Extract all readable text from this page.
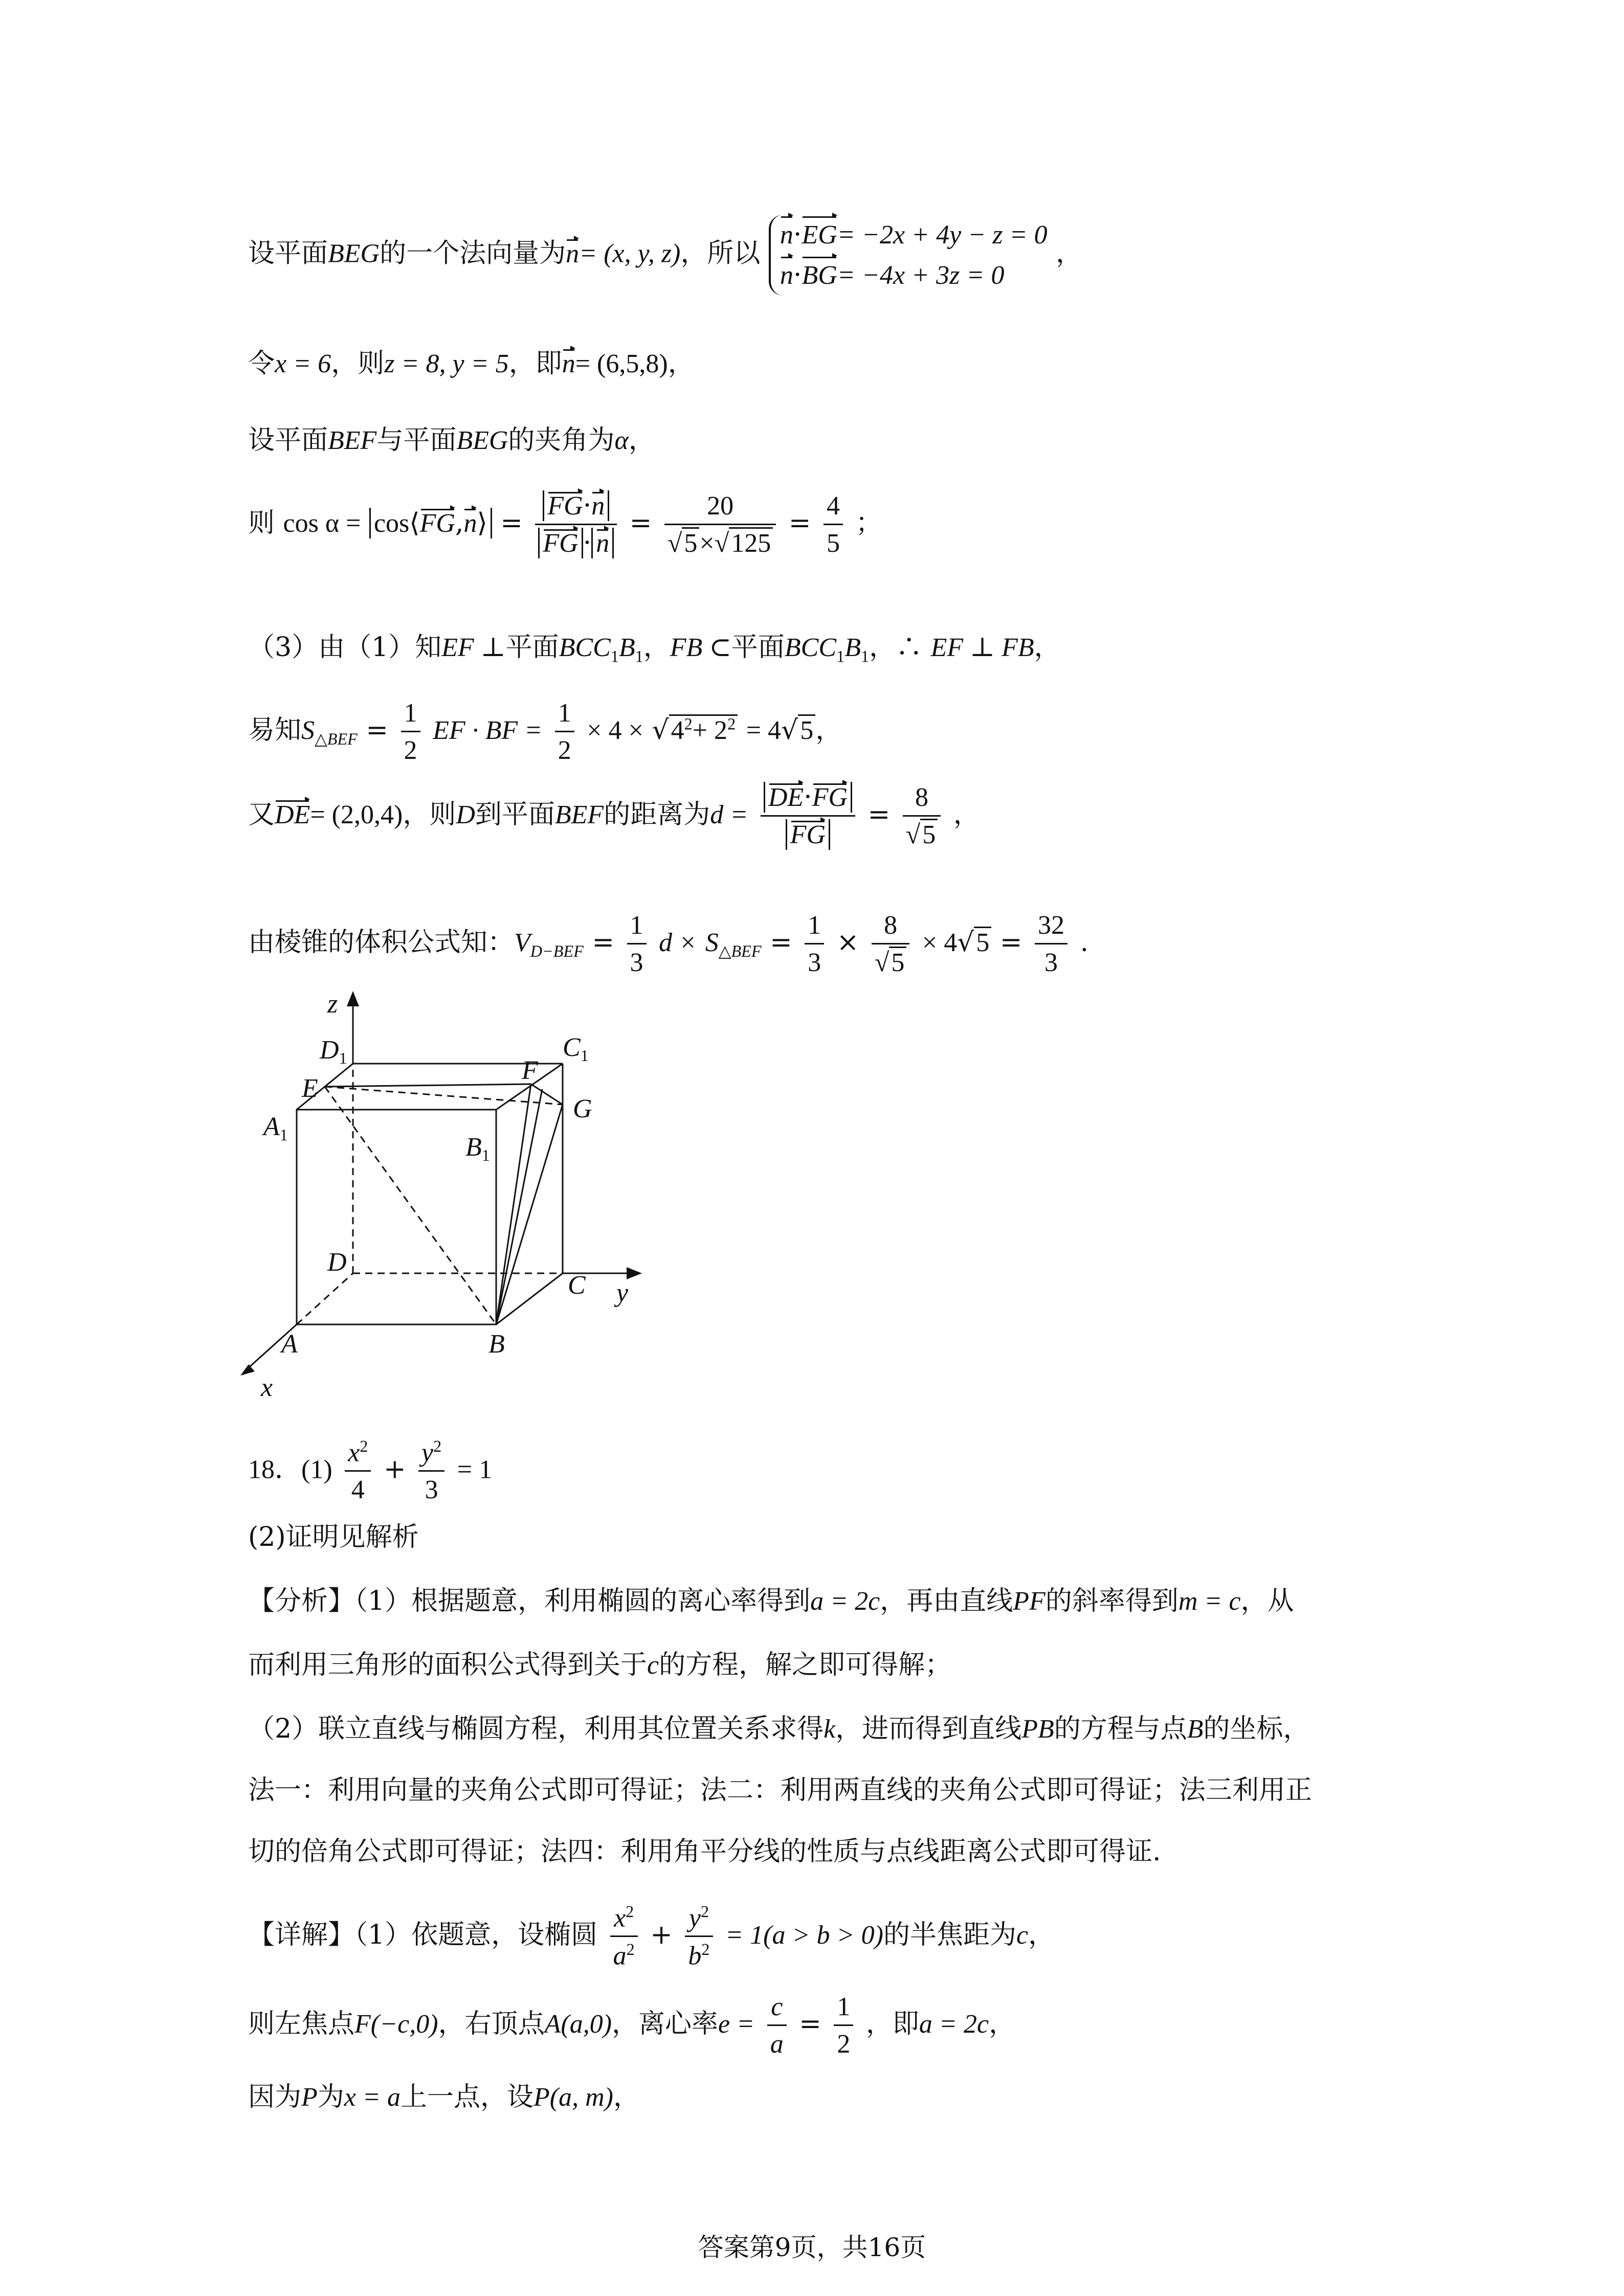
设平面BEG的一个法向量为n= (x, y, z)，所以
n·EG= −2x + 4y − z = 0
n·BG= −4x + 3z = 0
，
令x = 6，则z = 8, y = 5，即n= (6,5,8)，
设平面BEF与平面BEG的夹角为α，
则 cos α = cos⟨FG,n⟩ = $\frac{FG\cdot n}{FG \cdot n} = \frac{20}{√5\times√125} = \frac{4}{5}$ ；
（3）由（1）知EF ⊥平面$BCC_1B_1$，FB ⊂平面$BCC_1B_1$，∴ EF ⊥ FB，
易知$S_{\triangle BEF} = \frac{1}{2}$ EF · BF = $\frac{1}{2} \times 4 \times √4^2+ 2^2 = 4√5$，
又DE= (2,0,4)，则D到平面BEF的距离为$d = \frac{DE\cdot FG}{FG} = \frac{8}{√5}$ ，
由棱锥的体积公式知：$V_{D-BEF} = \frac{1}{3}$ $d \times S_{\triangle BEF} = \frac{1}{3} \times \frac{8}{√5} \times 4√5 = \frac{32}{3}$ .
z
D1	C1
E
F
G
A1	B1
D
C y
A	B
x
18．$(1) \frac{x^2}{4} + \frac{y^2}{3} = 1$
(2)证明见解析
【分析】（1）根据题意，利用椭圆的离心率得到a = 2c，再由直线PF的斜率得到m = c，从
而利用三角形的面积公式得到关于c的方程，解之即可得解；
（2）联立直线与椭圆方程，利用其位置关系求得k，进而得到直线PB的方程与点B的坐标，
法一：利用向量的夹角公式即可得证；法二：利用两直线的夹角公式即可得证；法三利用正
切的倍角公式即可得证；法四：利用角平分线的性质与点线距离公式即可得证.
【详解】（1）依题意，设椭圆 $\frac{x^2}{a^2} + \frac{y^2}{b^2} = 1(a > b > 0)$的半焦距为c，
则左焦点F(−c,0)，右顶点A(a,0)，离心率$e = \frac{c}{a} = \frac{1}{2}$ ，即a = 2c，
因为P为x = a上一点，设P(a, m)，
答案第9页，共16页
